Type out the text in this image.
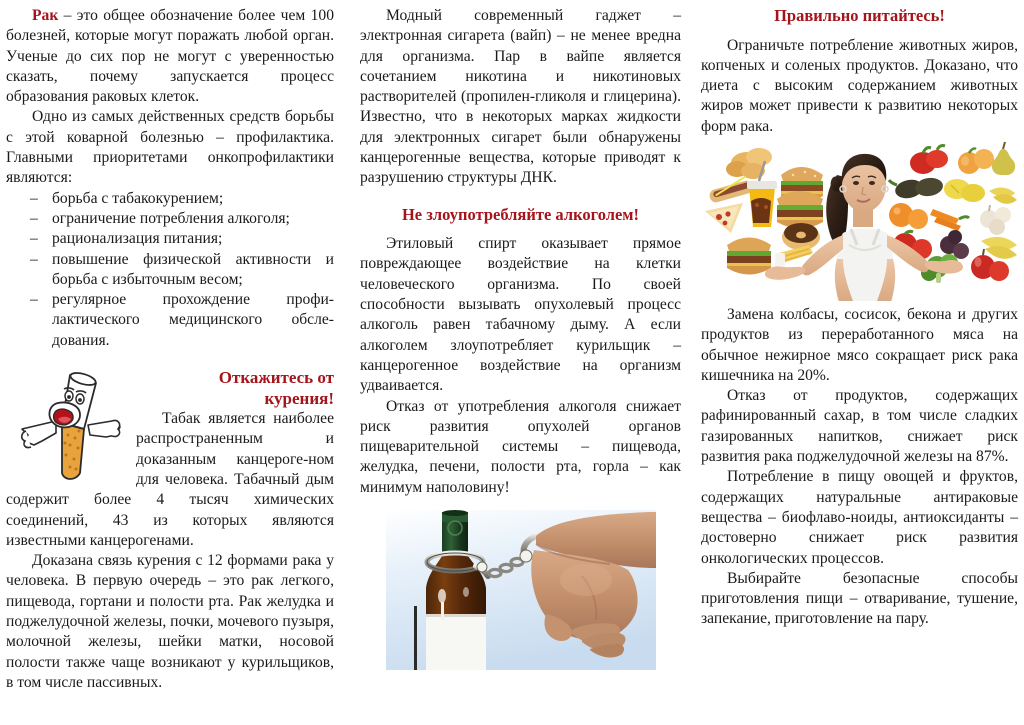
Рак – это общее обозначение более чем 100 болезней, которые могут поражать любой орган. Ученые до сих пор не могут с уверенностью сказать, почему запускается процесс образования раковых клеток.

Одно из самых действенных средств борьбы с этой коварной болезнью – профилактика. Главными приоритетами онкопрофилактики являются:

– борьба с табакокурением;
– ограничение потребления алкоголя;
– рационализация питания;
– повышение физической активности и борьба с избыточным весом;
– регулярное прохождение профи-лактического медицинского обсле-дования.

Откажитесь от

курения!

Табак является наиболее распространенным и доказанным канцероге-ном для человека. Табачный дым содержит более 4 тысяч химических соединений, 43 из которых являются известными канцерогенами.

Доказана связь курения с 12 формами рака у человека. В первую очередь – это рак легкого, пищевода, гортани и полости рта. Рак желудка и поджелудочной железы, почки, мочевого пузыря, молочной железы, шейки матки, носовой полости также чаще возникают у курильщиков, в том числе пассивных.

Модный современный гаджет – электронная сигарета (вайп) – не менее вредна для организма. Пар в вайпе является сочетанием никотина и никотиновых растворителей (пропилен-гликоля и глицерина). Известно, что в некоторых марках жидкости для электронных сигарет были обнаружены канцерогенные вещества, которые приводят к разрушению структуры ДНК.

Не злоупотребляйте алкоголем!

Этиловый спирт оказывает прямое повреждающее воздействие на клетки человеческого организма. По своей способности вызывать опухолевый процесс алкоголь равен табачному дыму. А если алкоголем злоупотребляет курильщик – канцерогенное воздействие на организм удваивается.

Отказ от употребления алкоголя снижает риск развития опухолей органов пищеварительной системы – пищевода, желудка, печени, полости рта, горла – как минимум наполовину!

Правильно питайтесь!

Ограничьте потребление животных жиров, копченых и соленых продуктов. Доказано, что диета с высоким содержанием животных жиров может привести к развитию некоторых форм рака.

Замена колбасы, сосисок, бекона и других продуктов из переработанного мяса на обычное нежирное мясо сокращает риск рака кишечника на 20%.

Отказ от продуктов, содержащих рафинированный сахар, в том числе сладких газированных напитков, снижает риск развития рака поджелудочной железы на 87%.

Потребление в пищу овощей и фруктов, содержащих натуральные антираковые вещества – биофлаво-ноиды, антиоксиданты – достоверно снижает риск развития онкологических процессов.

Выбирайте безопасные способы приготовления пищи – отваривание, тушение, запекание, приготовление на пару.
